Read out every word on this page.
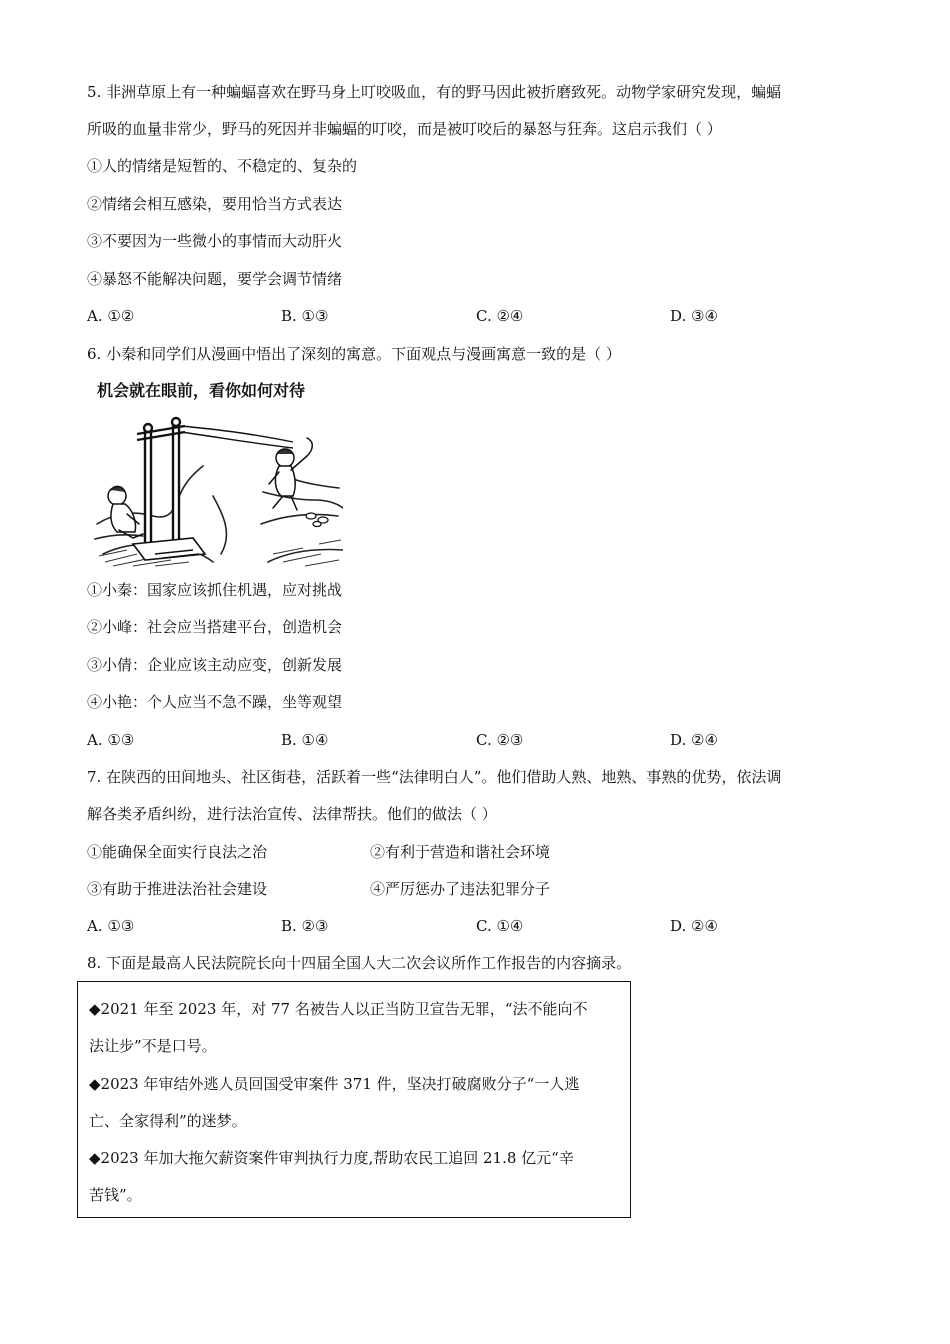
5. 非洲草原上有一种蝙蝠喜欢在野马身上叮咬吸血，有的野马因此被折磨致死。动物学家研究发现，蝙蝠
所吸的血量非常少，野马的死因并非蝙蝠的叮咬，而是被叮咬后的暴怒与狂奔。这启示我们（ ）
①人的情绪是短暂的、不稳定的、复杂的
②情绪会相互感染，要用恰当方式表达
③不要因为一些微小的事情而大动肝火
④暴怒不能解决问题，要学会调节情绪
A. ①②	B. ①③	C. ②④	D. ③④
6. 小秦和同学们从漫画中悟出了深刻的寓意。下面观点与漫画寓意一致的是（ ）
机会就在眼前，看你如何对待
①小秦：国家应该抓住机遇，应对挑战
②小峰：社会应当搭建平台，创造机会
③小倩：企业应该主动应变，创新发展
④小艳：个人应当不急不躁，坐等观望
A. ①③	B. ①④	C. ②③	D. ②④
7. 在陕西的田间地头、社区街巷，活跃着一些“法律明白人”。他们借助人熟、地熟、事熟的优势，依法调
解各类矛盾纠纷，进行法治宣传、法律帮扶。他们的做法（ ）
①能确保全面实行良法之治	②有利于营造和谐社会环境
③有助于推进法治社会建设	④严厉惩办了违法犯罪分子
A. ①③	B. ②③	C. ①④	D. ②④
8. 下面是最高人民法院院长向十四届全国人大二次会议所作工作报告的内容摘录。
◆2021 年至 2023 年，对 77 名被告人以正当防卫宣告无罪，“法不能向不
法让步”不是口号。
◆2023 年审结外逃人员回国受审案件 371 件，坚决打破腐败分子“一人逃
亡、全家得利”的迷梦。
◆2023 年加大拖欠薪资案件审判执行力度,帮助农民工追回 21.8 亿元“辛
苦钱”。
